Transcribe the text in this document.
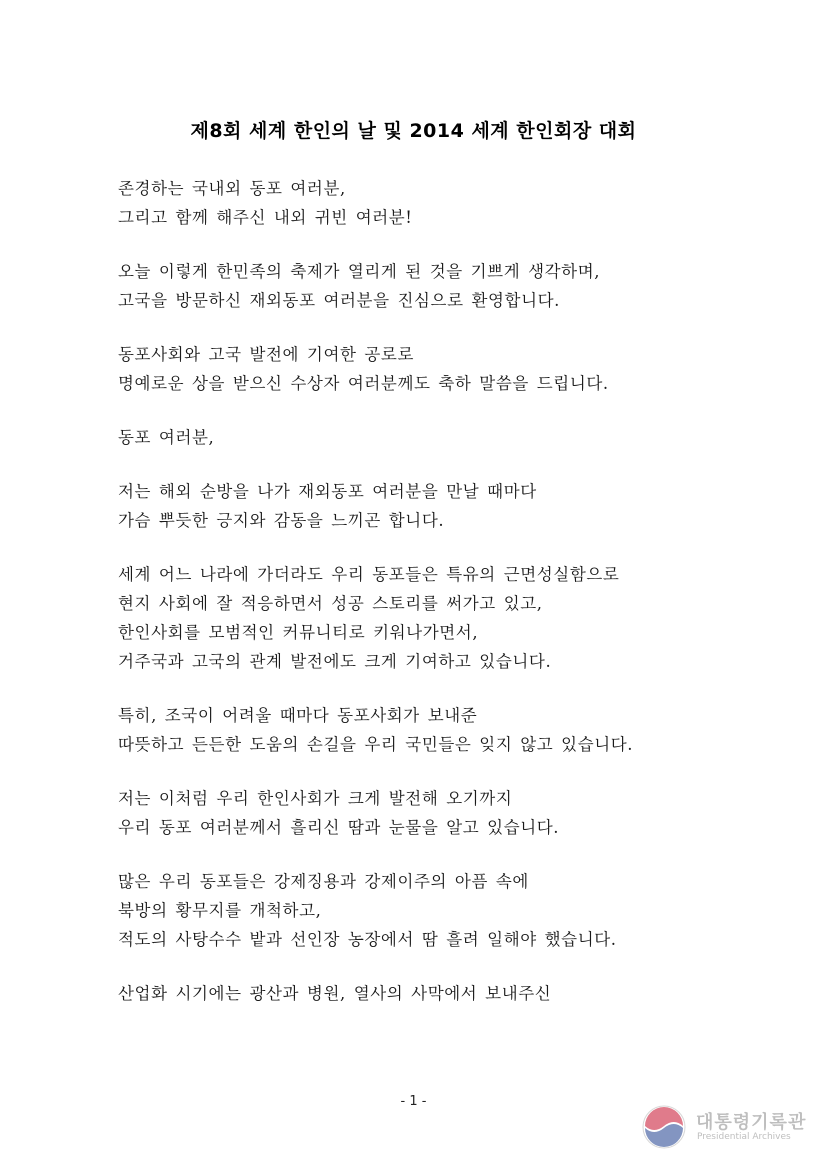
제8회 세계 한인의 날 및 2014 세계 한인회장 대회
존경하는 국내외 동포 여러분,
그리고 함께 해주신 내외 귀빈 여러분!
오늘 이렇게 한민족의 축제가 열리게 된 것을 기쁘게 생각하며,
고국을 방문하신 재외동포 여러분을 진심으로 환영합니다.
동포사회와 고국 발전에 기여한 공로로
명예로운 상을 받으신 수상자 여러분께도 축하 말씀을 드립니다.
동포 여러분,
저는 해외 순방을 나가 재외동포 여러분을 만날 때마다
가슴 뿌듯한 긍지와 감동을 느끼곤 합니다.
세계 어느 나라에 가더라도 우리 동포들은 특유의 근면성실함으로
현지 사회에 잘 적응하면서 성공 스토리를 써가고 있고,
한인사회를 모범적인 커뮤니티로 키워나가면서,
거주국과 고국의 관계 발전에도 크게 기여하고 있습니다.
특히, 조국이 어려울 때마다 동포사회가 보내준
따뜻하고 든든한 도움의 손길을 우리 국민들은 잊지 않고 있습니다.
저는 이처럼 우리 한인사회가 크게 발전해 오기까지
우리 동포 여러분께서 흘리신 땀과 눈물을 알고 있습니다.
많은 우리 동포들은 강제징용과 강제이주의 아픔 속에
북방의 황무지를 개척하고,
적도의 사탕수수 밭과 선인장 농장에서 땀 흘려 일해야 했습니다.
산업화 시기에는 광산과 병원, 열사의 사막에서 보내주신
- 1 -
대통령기록관
Presidential Archives
